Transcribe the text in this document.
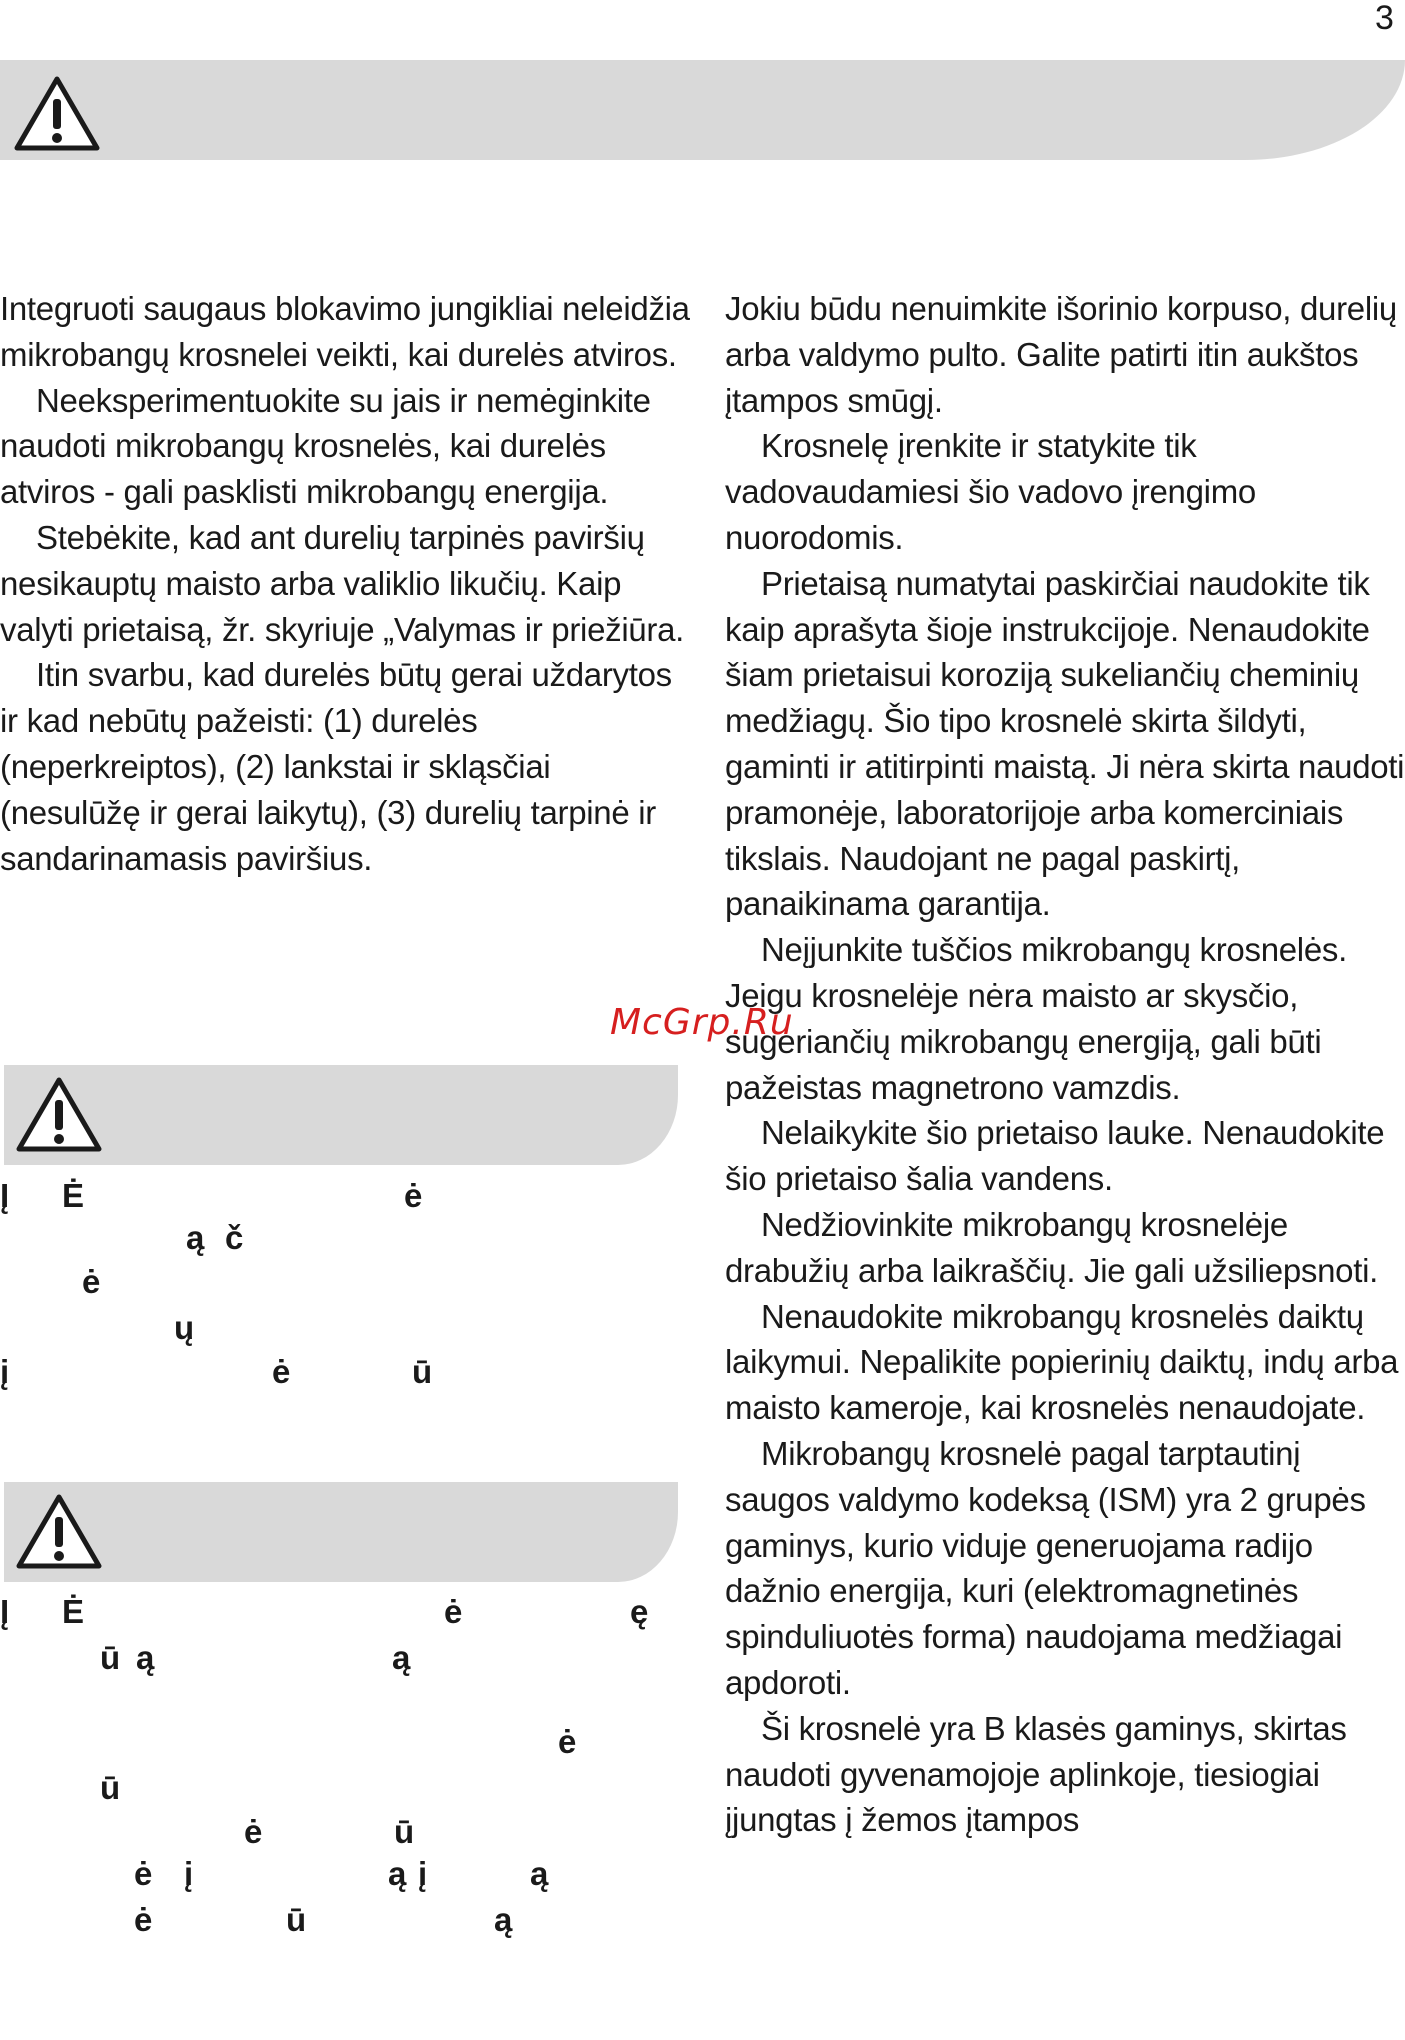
3

Integruoti saugaus blokavimo jungikliai neleidžia mikrobangų krosnelei veikti, kai durelės atviros.

Neeksperimentuokite su jais ir nemėginkite naudoti mikrobangų krosnelės, kai durelės atviros - gali pasklisti mikrobangų energija.

Stebėkite, kad ant durelių tarpinės paviršių nesikauptų maisto arba valiklio likučių. Kaip valyti prietaisą, žr. skyriuje „Valymas ir priežiūra.

Itin svarbu, kad durelės būtų gerai uždarytos ir kad nebūtų pažeisti: (1) durelės (neperkreiptos), (2) lankstai ir skląsčiai (nesulūžę ir gerai laikytų), (3) durelių tarpinė ir sandarinamasis paviršius.

Į Ė	ė
ą č
ė
ų
į	ė	ū
Į Ė	ė	ę
ū ą	ą
ė
ū
ė	ū
ė į	ą į	ą
ė	ū	ą

Jokiu būdu nenuimkite išorinio korpuso, durelių arba valdymo pulto. Galite patirti itin aukštos įtampos smūgį.

Krosnelę įrenkite ir statykite tik vadovaudamiesi šio vadovo įrengimo nuorodomis.

Prietaisą numatytai paskirčiai naudokite tik kaip aprašyta šioje instrukcijoje. Nenaudokite šiam prietaisui koroziją sukeliančių cheminių medžiagų. Šio tipo krosnelė skirta šildyti, gaminti ir atitirpinti maistą. Ji nėra skirta naudoti pramonėje, laboratorijoje arba komerciniais tikslais. Naudojant ne pagal paskirtį, panaikinama garantija.

Neįjunkite tuščios mikrobangų krosnelės. Jeigu krosnelėje nėra maisto ar skysčio, sugeriančių mikrobangų energiją, gali būti pažeistas magnetrono vamzdis.

Nelaikykite šio prietaiso lauke. Nenaudokite šio prietaiso šalia vandens.

Nedžiovinkite mikrobangų krosnelėje drabužių arba laikraščių. Jie gali užsiliepsnoti.

Nenaudokite mikrobangų krosnelės daiktų laikymui. Nepalikite popierinių daiktų, indų arba maisto kameroje, kai krosnelės nenaudojate.

Mikrobangų krosnelė pagal tarptautinį saugos valdymo kodeksą (ISM) yra 2 grupės gaminys, kurio viduje generuojama radijo dažnio energija, kuri (elektromagnetinės spinduliuotės forma) naudojama medžiagai apdoroti.

Ši krosnelė yra B klasės gaminys, skirtas naudoti gyvenamojoje aplinkoje, tiesiogiai įjungtas į žemos įtampos

McGrp.Ru
